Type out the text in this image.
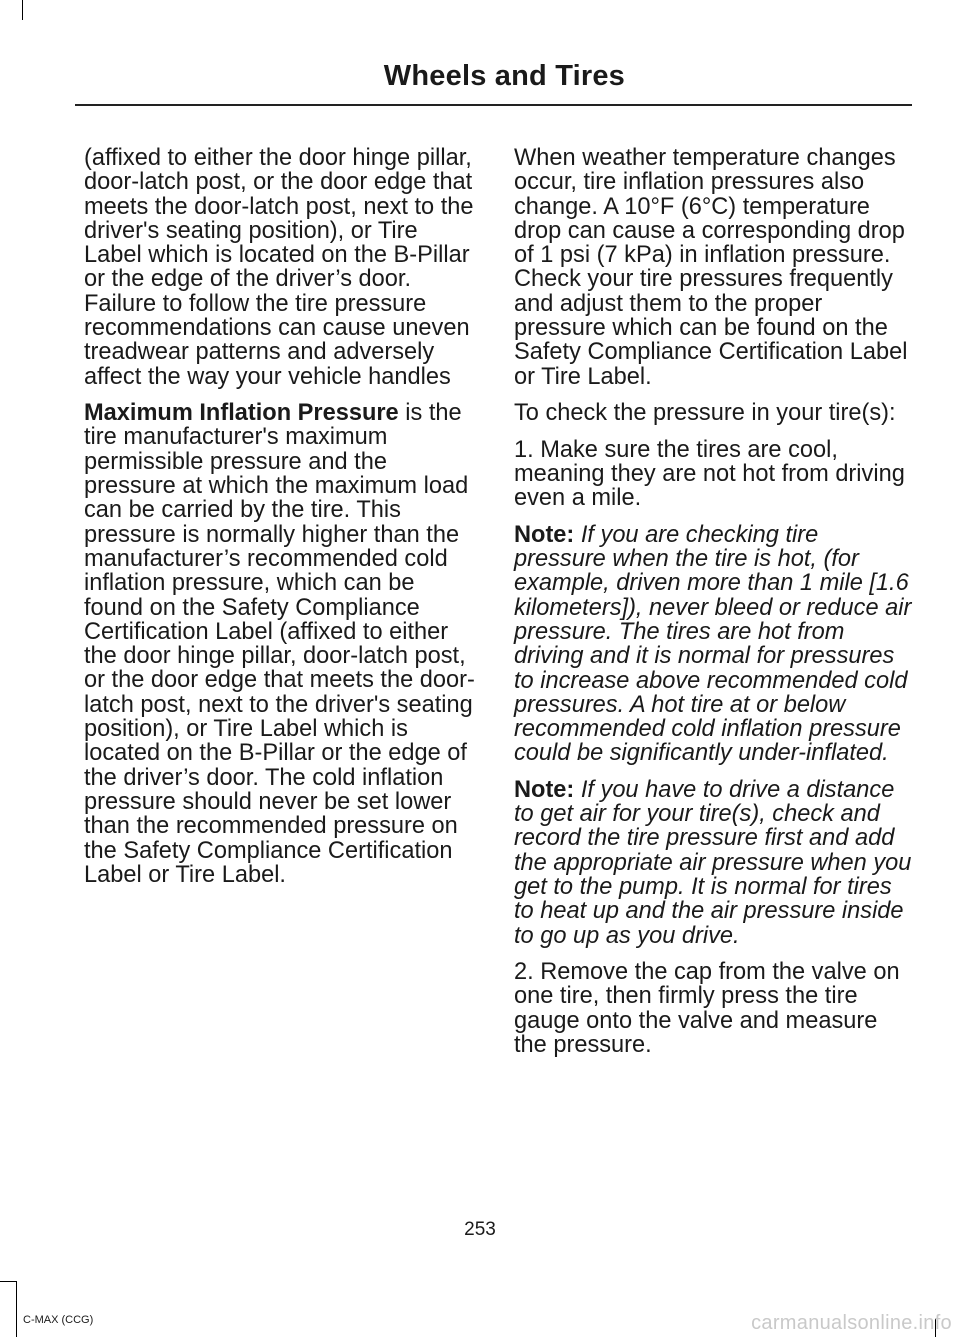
Wheels and Tires

(affixed to either the door hinge pillar, door-latch post, or the door edge that meets the door-latch post, next to the driver's seating position), or Tire Label which is located on the B-Pillar or the edge of the driver’s door. Failure to follow the tire pressure recommendations can cause uneven treadwear patterns and adversely affect the way your vehicle handles

Maximum Inflation Pressure is the tire manufacturer's maximum permissible pressure and the pressure at which the maximum load can be carried by the tire. This pressure is normally higher than the manufacturer’s recommended cold inflation pressure, which can be found on the Safety Compliance Certification Label (affixed to either the door hinge pillar, door-latch post, or the door edge that meets the door-latch post, next to the driver's seating position), or Tire Label which is located on the B-Pillar or the edge of the driver’s door. The cold inflation pressure should never be set lower than the recommended pressure on the Safety Compliance Certification Label or Tire Label.

When weather temperature changes occur, tire inflation pressures also change. A 10°F (6°C) temperature drop can cause a corresponding drop of 1 psi (7 kPa) in inflation pressure. Check your tire pressures frequently and adjust them to the proper pressure which can be found on the Safety Compliance Certification Label or Tire Label.

To check the pressure in your tire(s):

1. Make sure the tires are cool, meaning they are not hot from driving even a mile.

Note: If you are checking tire pressure when the tire is hot, (for example, driven more than 1 mile [1.6 kilometers]), never bleed or reduce air pressure. The tires are hot from driving and it is normal for pressures to increase above recommended cold pressures. A hot tire at or below recommended cold inflation pressure could be significantly under-inflated.

Note: If you have to drive a distance to get air for your tire(s), check and record the tire pressure first and add the appropriate air pressure when you get to the pump. It is normal for tires to heat up and the air pressure inside to go up as you drive.

2. Remove the cap from the valve on one tire, then firmly press the tire gauge onto the valve and measure the pressure.

253
C-MAX (CCG)	carmanualsonline.info
